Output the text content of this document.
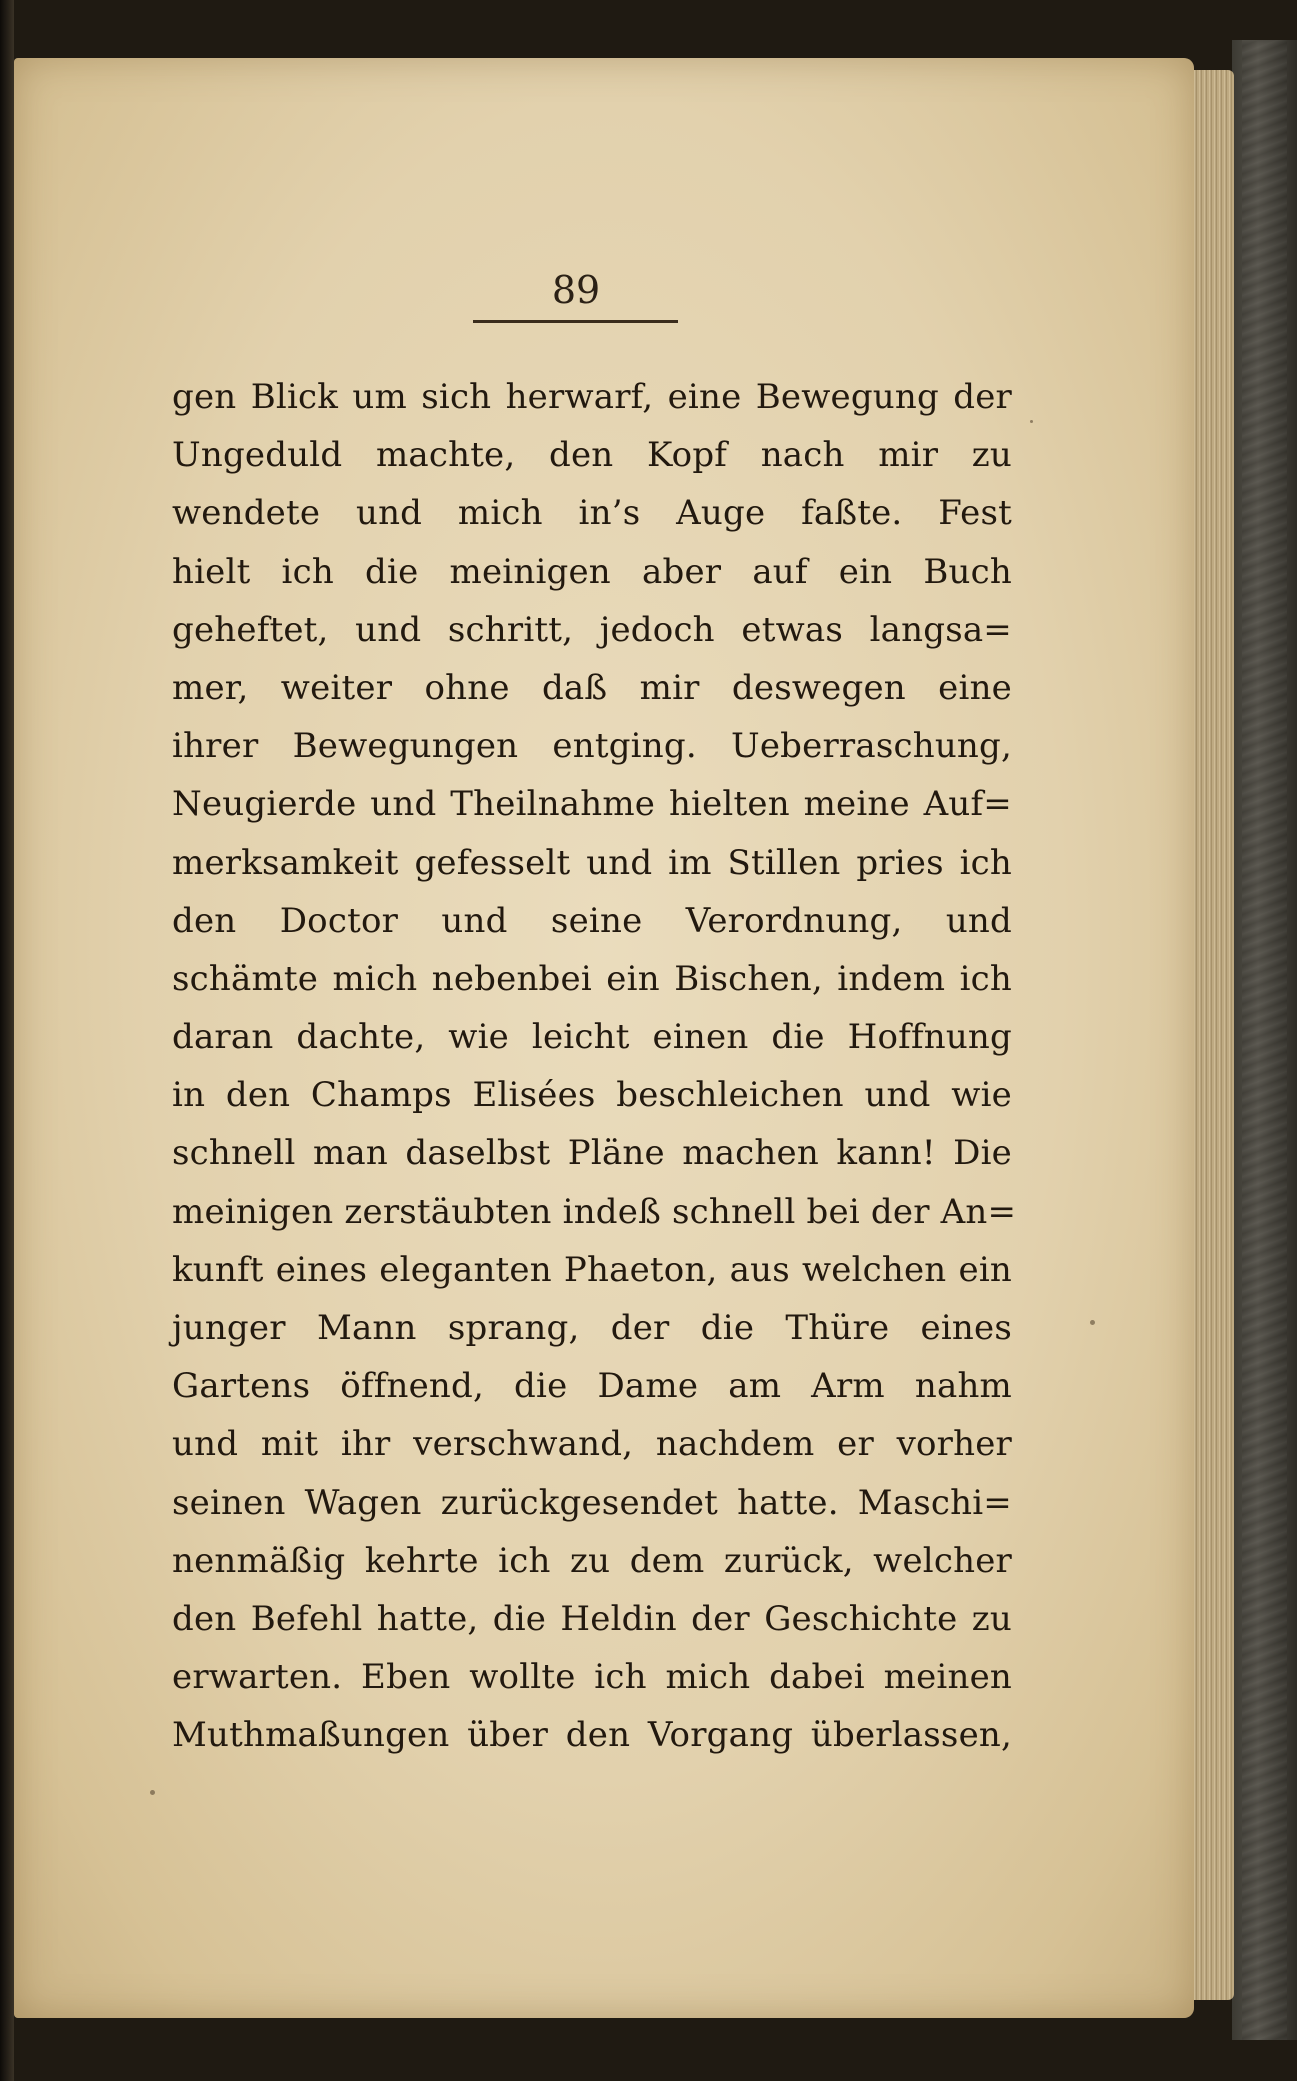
89
gen Blick um sich herwarf, eine Bewegung der
Ungeduld machte, den Kopf nach mir zu
wendete und mich in’s Auge faßte. Fest
hielt ich die meinigen aber auf ein Buch
geheftet, und schritt, jedoch etwas langsa=
mer, weiter ohne daß mir deswegen eine
ihrer Bewegungen entging. Ueberraschung,
Neugierde und Theilnahme hielten meine Auf=
merksamkeit gefesselt und im Stillen pries ich
den Doctor und seine Verordnung, und
schämte mich nebenbei ein Bischen, indem ich
daran dachte, wie leicht einen die Hoffnung
in den Champs Elisées beschleichen und wie
schnell man daselbst Pläne machen kann! Die
meinigen zerstäubten indeß schnell bei der An=
kunft eines eleganten Phaeton, aus welchen ein
junger Mann sprang, der die Thüre eines
Gartens öffnend, die Dame am Arm nahm
und mit ihr verschwand, nachdem er vorher
seinen Wagen zurückgesendet hatte. Maschi=
nenmäßig kehrte ich zu dem zurück, welcher
den Befehl hatte, die Heldin der Geschichte zu
erwarten. Eben wollte ich mich dabei meinen
Muthmaßungen über den Vorgang überlassen,
